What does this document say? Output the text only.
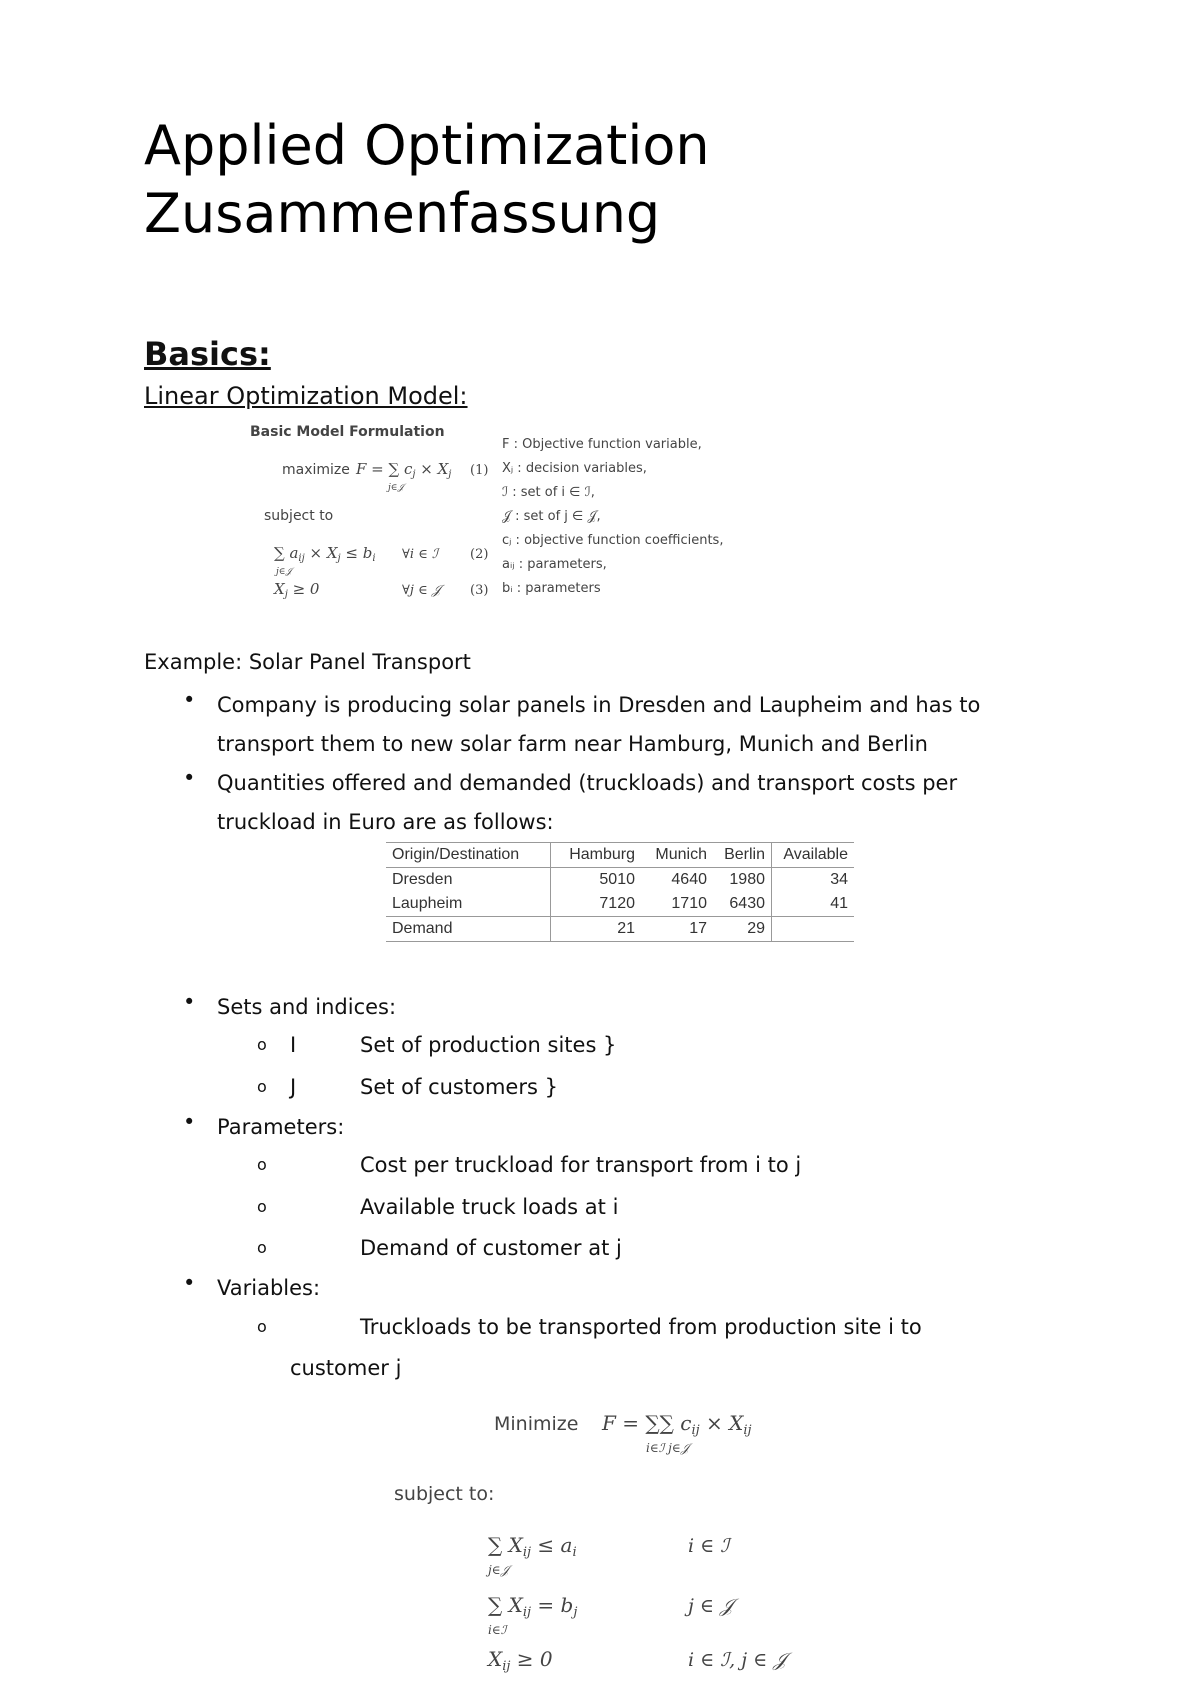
Applied Optimization
Zusammenfassung
Basics:
Linear Optimization Model:
Basic Model Formulation
maximize F = ∑ $c_j \times X_j$
j∈𝒥
(1)
subject to
∑ $a_{ij} \times X_j \le b_i$
j∈𝒥
∀i ∈ ℐ (2)
$X_j \ge 0$	∀j ∈ 𝒥	(3)
F : Objective function variable,
Xⱼ : decision variables,
ℐ : set of i ∈ ℐ,
𝒥 : set of j ∈ 𝒥,
cⱼ : objective function coefficients,
aᵢⱼ : parameters,
bᵢ : parameters

Example: Solar Panel Transport

• Company is producing solar panels in Dresden and Laupheim and has to
transport them to new solar farm near Hamburg, Munich and Berlin
• Quantities offered and demanded (truckloads) and transport costs per
truckload in Euro are as follows:
Origin/Destination	Hamburg	Munich	Berlin	Available
Dresden	5010	4640	1980	34
Laupheim	7120	1710	6430	41
Demand	21	17	29	
• Sets and indices:
o I	Set of production sites }
o J	Set of customers }
• Parameters:
o	Cost per truckload for transport from i to j
o	Available truck loads at i
o	Demand of customer at j
• Variables:
o	Truckloads to be transported from production site i to
customer j
Minimize F = ∑∑ $c_{ij} \times X_{ij}$
i∈ℐ j∈𝒥
subject to:
∑ $X_{ij} \le a_i$
j∈𝒥
i ∈ ℐ
∑ $X_{ij} = b_j$
i∈ℐ
j ∈ 𝒥
$X_{ij} \ge 0$	i ∈ ℐ, j ∈ 𝒥
